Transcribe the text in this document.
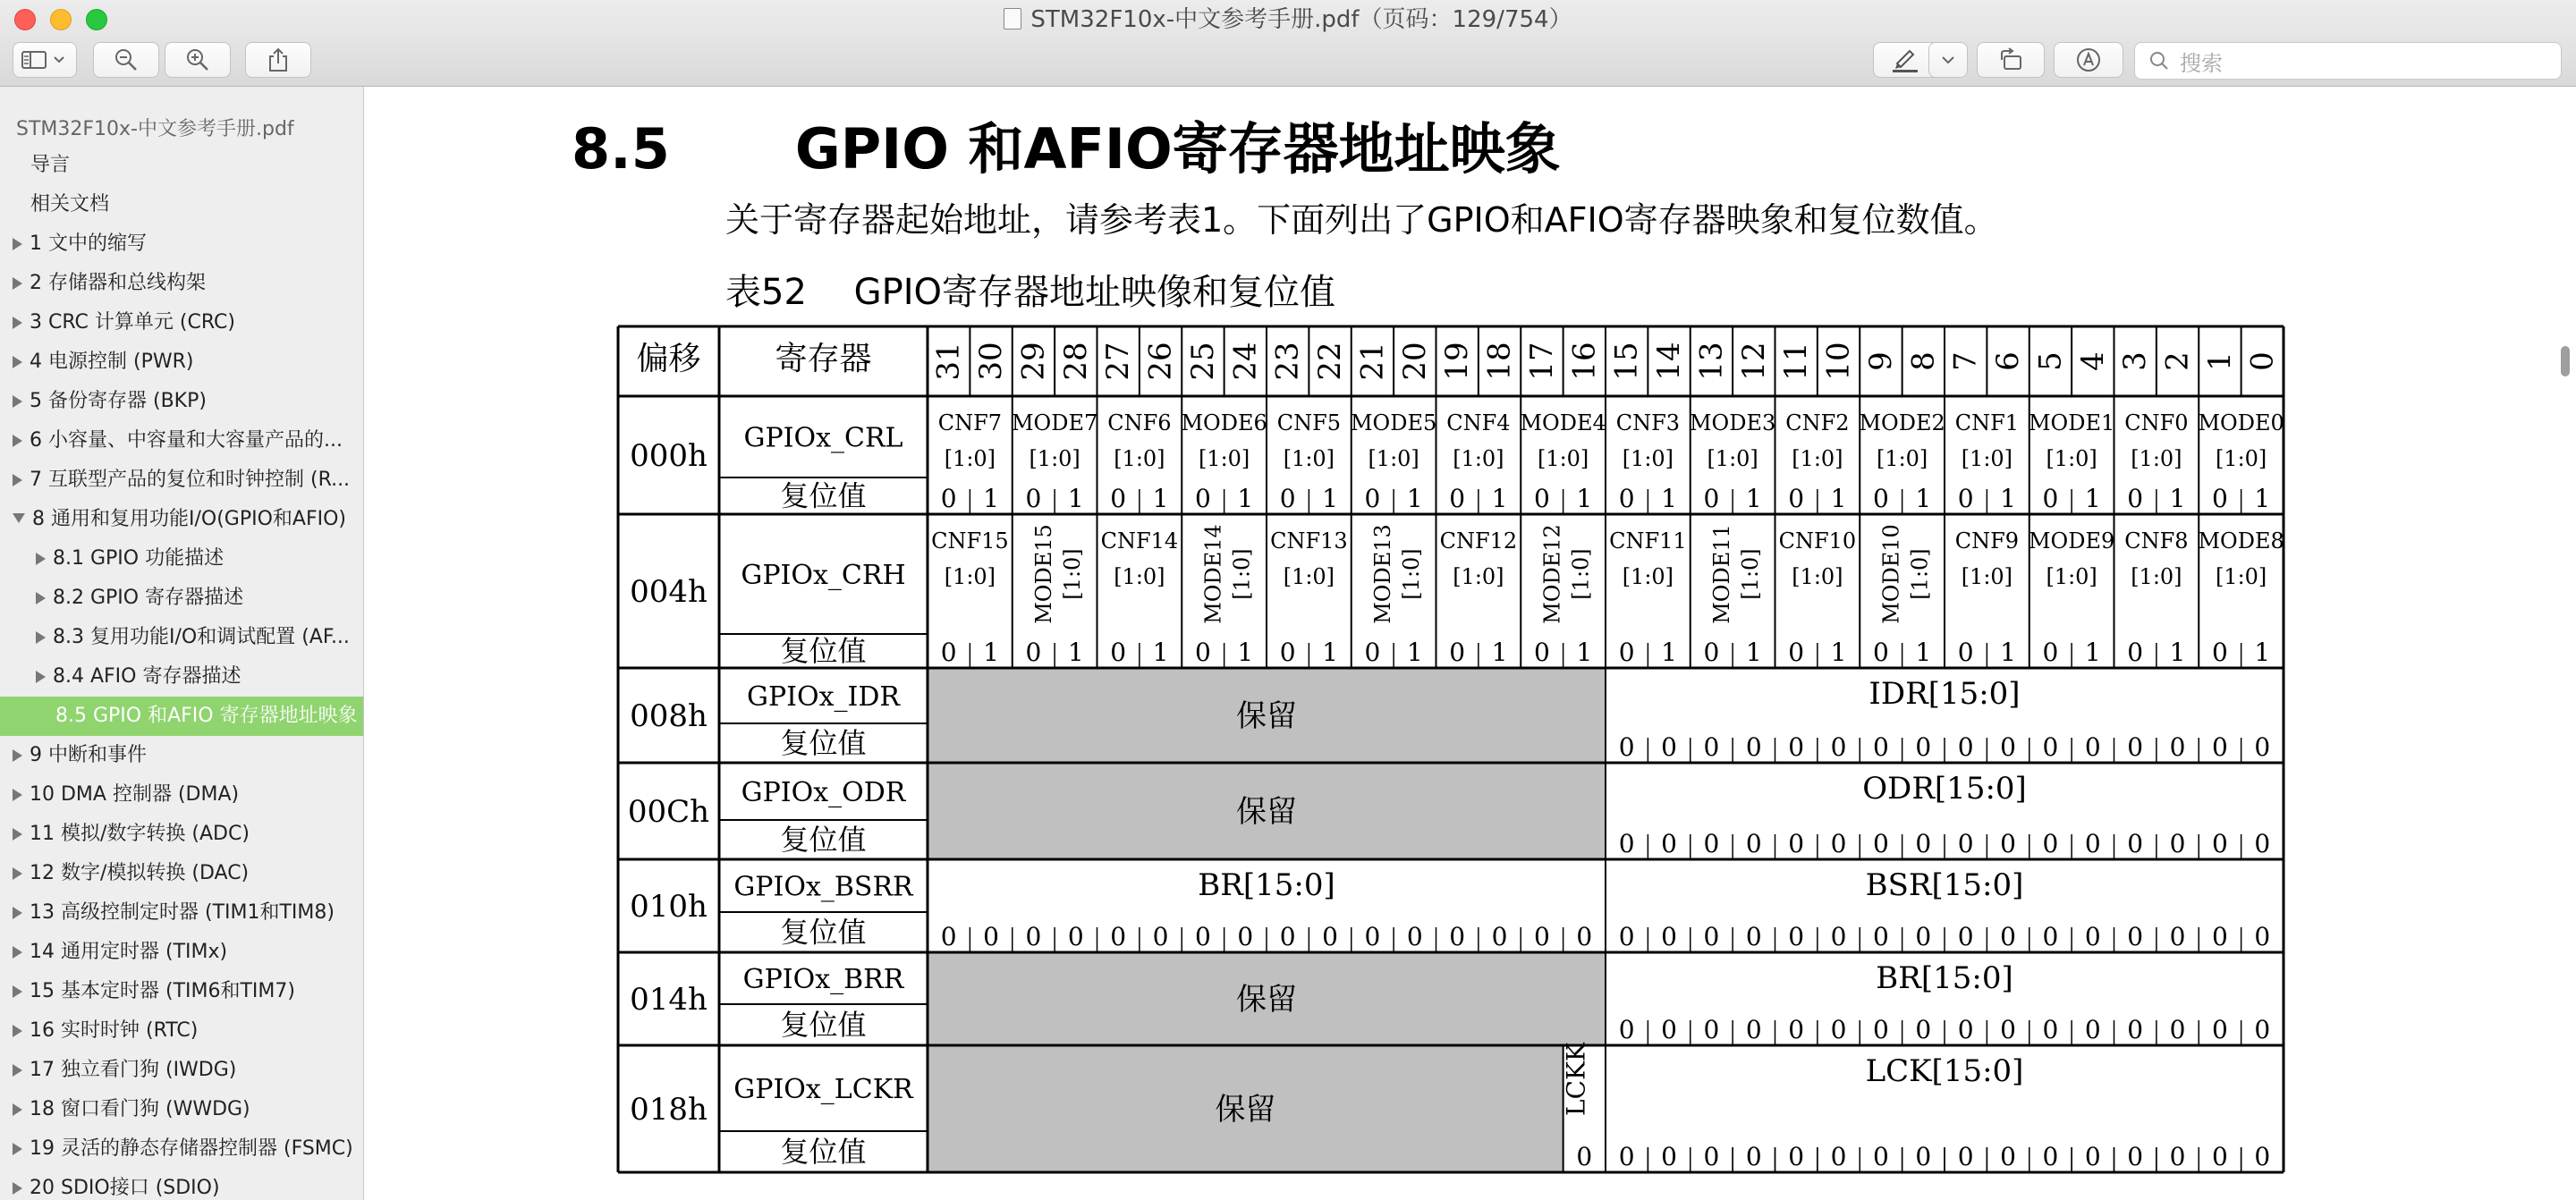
STM32F10x-中文参考手册.pdf（页码：129/754）
搜索
STM32F10x-中文参考手册.pdf
导言
相关文档
1 文中的缩写
2 存储器和总线构架
3 CRC 计算单元 (CRC)
4 电源控制 (PWR)
5 备份寄存器 (BKP)
6 小容量、中容量和大容量产品的...
7 互联型产品的复位和时钟控制 (R...
8 通用和复用功能I/O(GPIO和AFIO)
8.1 GPIO 功能描述
8.2 GPIO 寄存器描述
8.3 复用功能I/O和调试配置 (AF...
8.4 AFIO 寄存器描述
8.5 GPIO 和AFIO 寄存器地址映象
9 中断和事件
10 DMA 控制器 (DMA)
11 模拟/数字转换 (ADC)
12 数字/模拟转换 (DAC)
13 高级控制定时器 (TIM1和TIM8)
14 通用定时器 (TIMx)
15 基本定时器 (TIM6和TIM7)
16 实时时钟 (RTC)
17 独立看门狗 (IWDG)
18 窗口看门狗 (WWDG)
19 灵活的静态存储器控制器 (FSMC)
20 SDIO接口 (SDIO)
8.5 GPIO 和AFIO寄存器地址映象
关于寄存器起始地址，请参考表1。下面列出了GPIO和AFIO寄存器映象和复位数值。
表52　 GPIO寄存器地址映像和复位值
偏移 寄存器 31 30 29 28 27 26 25 24 23 22 21 20 19 18 17 16 15 14 13 12 11 10 9 8 7 6 5 4 3 2 1 0
000h GPIOx_CRL
复位值
CNF7
[1:0]
MODE7
[1:0]
CNF6
[1:0]
MODE6
[1:0]
CNF5
[1:0]
MODE5
[1:0]
CNF4
[1:0]
MODE4
[1:0]
CNF3
[1:0]
MODE3
[1:0]
CNF2
[1:0]
MODE2
[1:0]
CNF1
[1:0]
MODE1
[1:0]
CNF0
[1:0]
MODE0
[1:0]
0 1 0 1 0 1 0 1 0 1 0 1 0 1 0 1 0 1 0 1 0 1 0 1 0 1 0 1 0 1 0 1
004h GPIOx_CRH
复位值
CNF15
[1:0] MODE15 [1:0]
CNF14
[1:0] MODE14 [1:0]
CNF13
[1:0] MODE13 [1:0]
CNF12
[1:0] MODE12 [1:0]
CNF11
[1:0] MODE11 [1:0]
CNF10
[1:0] MODE10 [1:0]
CNF9
[1:0]
MODE9
[1:0]
CNF8
[1:0]
MODE8
[1:0]
0 1 0 1 0 1 0 1 0 1 0 1 0 1 0 1 0 1 0 1 0 1 0 1 0 1 0 1 0 1 0 1
008h
GPIOx_IDR
复位值
保留
IDR[15:0]
0 0 0 0 0 0 0 0 0 0 0 0 0 0 0 0
00Ch
GPIOx_ODR
复位值
保留
ODR[15:0]
0 0 0 0 0 0 0 0 0 0 0 0 0 0 0 0
010h
GPIOx_BSRR
复位值
BR[15:0]	BSR[15:0]
0 0 0 0 0 0 0 0 0 0 0 0 0 0 0 0 0 0 0 0 0 0 0 0 0 0 0 0 0 0 0 0
014h
GPIOx_BRR
复位值
保留
BR[15:0]
0 0 0 0 0 0 0 0 0 0 0 0 0 0 0 0
018h
GPIOx_LCKR
复位值
保留
LCK[15:0]
LCKK
0 0 0 0 0 0 0 0 0 0 0 0 0 0 0 0 0
